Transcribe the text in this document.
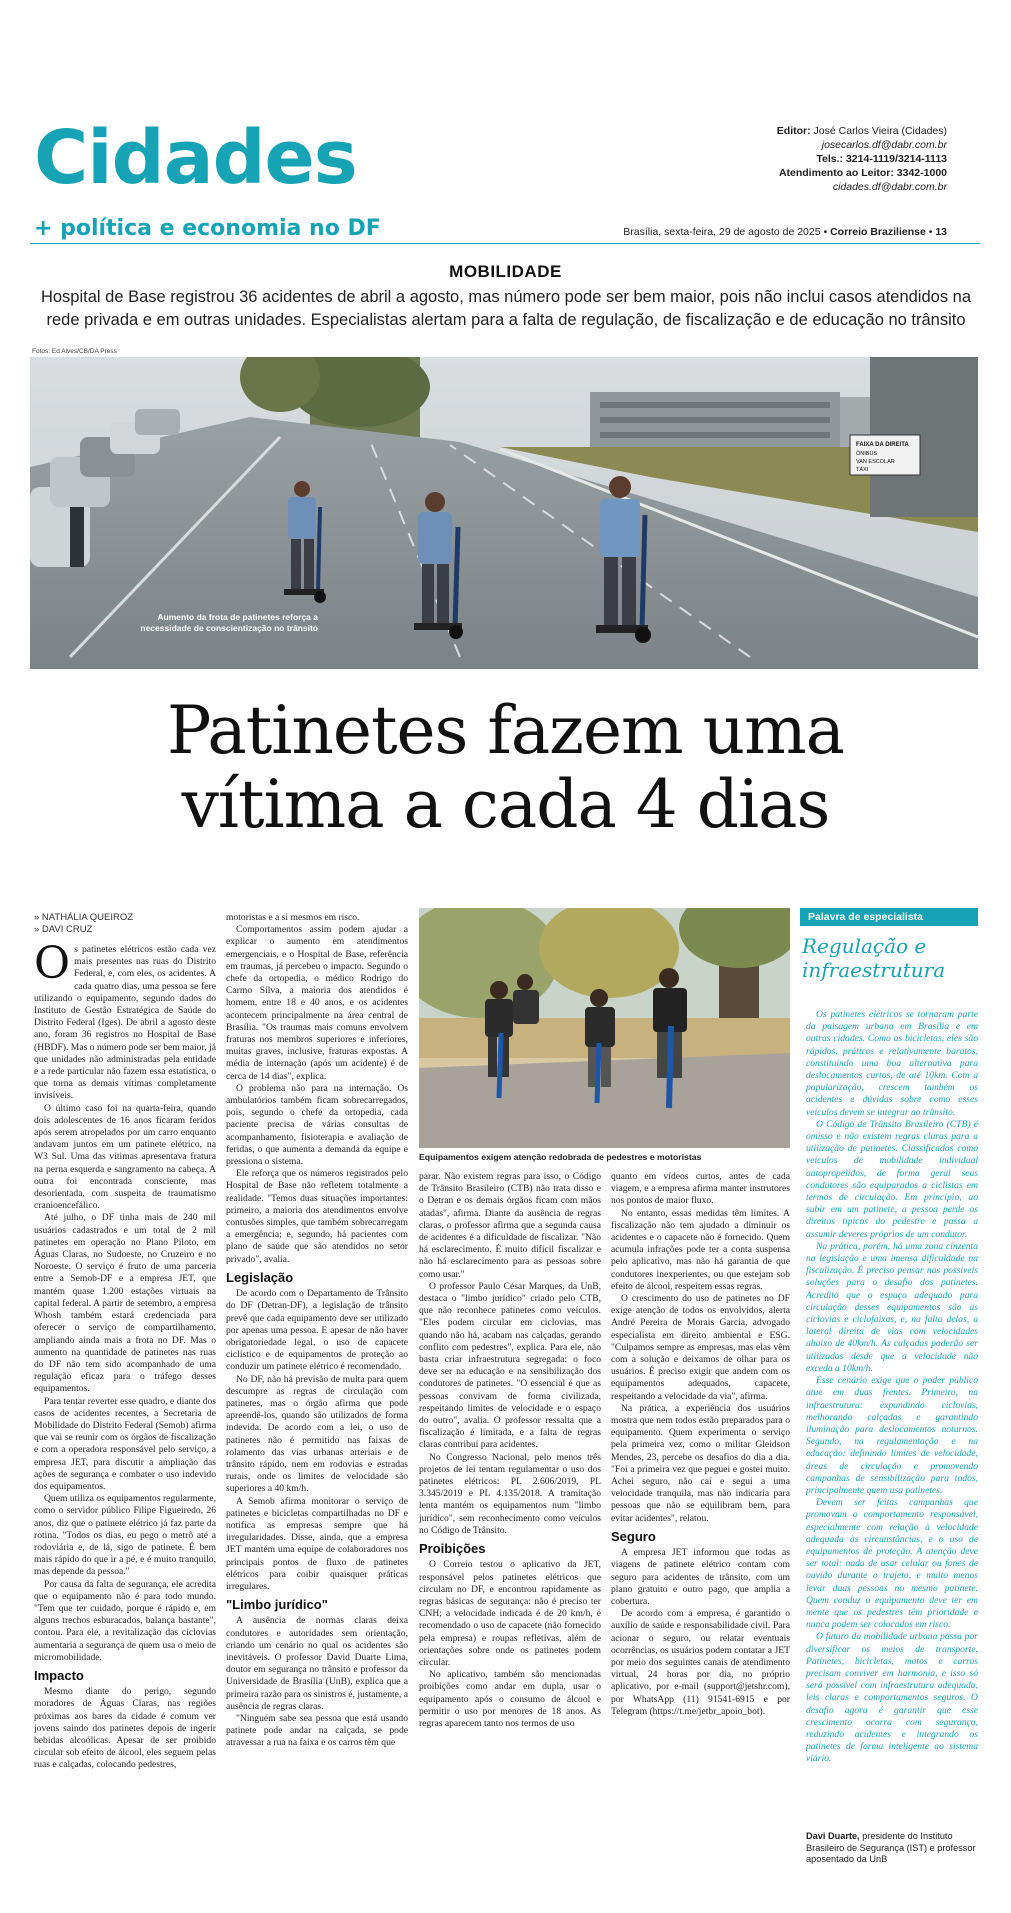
Cidades
+ política e economia no DF
Editor: José Carlos Vieira (Cidades)
josecarlos.df@dabr.com.br
Tels.: 3214-1119/3214-1113
Atendimento ao Leitor: 3342-1000
cidades.df@dabr.com.br
Brasília, sexta-feira, 29 de agosto de 2025 • Correio Braziliense • 13
MOBILIDADE
Hospital de Base registrou 36 acidentes de abril a agosto, mas número pode ser bem maior, pois não inclui casos atendidos na rede privada e em outras unidades. Especialistas alertam para a falta de regulação, de fiscalização e de educação no trânsito
Fotos: Ed Alves/CB/DA Press
FAIXA DA DIREITA
ÔNIBUS
VAN ESCOLAR
TÁXI
Aumento da frota de patinetes reforça a necessidade de conscientização no trânsito
Patinetes fazem uma
vítima a cada 4 dias
» NATHÁLIA QUEIROZ
» DAVI CRUZ

Os patinetes elétricos estão cada vez mais presentes nas ruas do Distrito Federal, e, com eles, os acidentes. A cada quatro dias, uma pessoa se fere utilizando o equipamento, segundo dados do Instituto de Gestão Estratégica de Saúde do Distrito Federal (Iges). De abril a agosto deste ano, foram 36 registros no Hospital de Base (HBDF). Mas o número pode ser bem maior, já que unidades não administradas pela entidade e a rede particular não fazem essa estatística, o que torna as demais vítimas completamente invisíveis.

O último caso foi na quarta-feira, quando dois adolescentes de 16 anos ficaram feridos após serem atropelados por um carro enquanto andavam juntos em um patinete elétrico, na W3 Sul. Uma das vítimas apresentava fratura na perna esquerda e sangramento na cabeça. A outra foi encontrada consciente, mas desorientada, com suspeita de traumatismo cranioencefálico.

Até julho, o DF tinha mais de 240 mil usuários cadastrados e um total de 2 mil patinetes em operação no Plano Piloto, em Águas Claras, no Sudoeste, no Cruzeiro e no Noroeste. O serviço é fruto de uma parceria entre a Semob-DF e a empresa JET, que mantém quase 1.200 estações virtuais na capital federal. A partir de setembro, a empresa Whosh também estará credenciada para oferecer o serviço de compartilhamento, ampliando ainda mais a frota no DF. Mas o aumento na quantidade de patinetes nas ruas do DF não tem sido acompanhado de uma regulação eficaz para o tráfego desses equipamentos.

Para tentar reverter esse quadro, e diante dos casos de acidentes recentes, a Secretaria de Mobilidade do Distrito Federal (Semob) afirma que vai se reunir com os órgãos de fiscalização e com a operadora responsável pelo serviço, a empresa JET, para discutir a ampliação das ações de segurança e combater o uso indevido dos equipamentos.

Quem utiliza os equipamentos regularmente, como o servidor público Filipe Figueiredo, 26 anos, diz que o patinete elétrico já faz parte da rotina. "Todos os dias, eu pego o metrô até a rodoviária e, de lá, sigo de patinete. É bem mais rápido do que ir a pé, e é muito tranquilo, mas depende da pessoa."

Por causa da falta de segurança, ele acredita que o equipamento não é para todo mundo. "Tem que ter cuidado, porque é rápido e, em alguns trechos esburacados, balança bastante", contou. Para ele, a revitalização das ciclovias aumentaria a segurança de quem usa o meio de micromobilidade.

Impacto

Mesmo diante do perigo, segundo moradores de Águas Claras, nas regiões próximas aos bares da cidade é comum ver jovens saindo dos patinetes depois de ingerir bebidas alcoólicas. Apesar de ser proibido circular sob efeito de álcool, eles seguem pelas ruas e calçadas, colocando pedestres,

motoristas e a si mesmos em risco.

Comportamentos assim podem ajudar a explicar o aumento em atendimentos emergenciais, e o Hospital de Base, referência em traumas, já percebeu o impacto. Segundo o chefe da ortopedia, o médico Rodrigo do Carmo Silva, a maioria dos atendidos é homem, entre 18 e 40 anos, e os acidentes acontecem principalmente na área central de Brasília. "Os traumas mais comuns envolvem fraturas nos membros superiores e inferiores, muitas graves, inclusive, fraturas expostas. A média de internação (após um acidente) é de cerca de 14 dias", explica.

O problema não para na internação. Os ambulatórios também ficam sobrecarregados, pois, segundo o chefe da ortopedia, cada paciente precisa de várias consultas de acompanhamento, fisioterapia e avaliação de feridas, o que aumenta a demanda da equipe e pressiona o sistema.

Ele reforça que os números registrados pelo Hospital de Base não refletem totalmente a realidade. "Temos duas situações importantes: primeiro, a maioria dos atendimentos envolve contusões simples, que também sobrecarregam a emergência; e, segundo, há pacientes com plano de saúde que são atendidos no setor privado", avalia.

Legislação

De acordo com o Departamento de Trânsito do DF (Detran-DF), a legislação de trânsito prevê que cada equipamento deve ser utilizado por apenas uma pessoa. E apesar de não haver obrigatoriedade legal, o uso de capacete ciclístico e de equipamentos de proteção ao conduzir um patinete elétrico é recomendado.

No DF, não há previsão de multa para quem descumpre as regras de circulação com patinetes, mas o órgão afirma que pode apreendê-los, quando são utilizados de forma indevida. De acordo com a lei, o uso de patinetes não é permitido nas faixas de rolamento das vias urbanas arteriais e de trânsito rápido, nem em rodovias e estradas rurais, onde os limites de velocidade são superiores a 40 km/h.

A Semob afirma monitorar o serviço de patinetes e bicicletas compartilhadas no DF e notifica as empresas sempre que há irregularidades. Disse, ainda, que a empresa JET mantém uma equipe de colaboradores nos principais pontos de fluxo de patinetes elétricos para coibir quaisquer práticas irregulares.

"Limbo jurídico"

A ausência de normas claras deixa condutores e autoridades sem orientação, criando um cenário no qual os acidentes são inevitáveis. O professor David Duarte Lima, doutor em segurança no trânsito e professor da Universidade de Brasília (UnB), explica que a primeira razão para os sinistros é, justamente, a ausência de regras claras.

"Ninguém sabe sea pessoa que está usando patinete pode andar na calçada, se pode atravessar a rua na faixa e os carros têm que

Equipamentos exigem atenção redobrada de pedestres e motoristas

parar. Não existem regras para isso, o Código de Trânsito Brasileiro (CTB) não trata disso e o Detran e os demais órgãos ficam com mãos atadas", afirma. Diante da ausência de regras claras, o professor afirma que a segunda causa de acidentes é a dificuldade de fiscalizar. "Não há esclarecimento. É muito difícil fiscalizar e não há esclarecimento para as pessoas sobre como usar."

O professor Paulo César Marques, da UnB, destaca o "limbo jurídico" criado pelo CTB, que não reconhece patinetes como veículos. "Eles podem circular em ciclovias, mas quando não há, acabam nas calçadas, gerando conflito com pedestres", explica. Para ele, não basta criar infraestrutura segregada: o foco deve ser na educação e na sensibilização dos condutores de patinetes. "O essencial é que as pessoas convivam de forma civilizada, respeitando limites de velocidade e o espaço do outro", avalia. O professor ressalta que a fiscalização é limitada, e a falta de regras claras contribui para acidentes.

No Congresso Nacional, pelo menos três projetos de lei tentam regulamentar o uso dos patinetes elétricos: PL 2.606/2019, PL 3.345/2019 e PL 4.135/2018. A tramitação lenta mantém os equipamentos num "limbo jurídico", sem reconhecimento como veículos no Código de Trânsito.

Proibições

O Correio testou o aplicativo da JET, responsável pelos patinetes elétricos que circulam no DF, e encontrou rapidamente as regras básicas de segurança: não é preciso ter CNH; a velocidade indicada é de 20 km/h, é recomendado o uso de capacete (não fornecido pela empresa) e roupas refletivas, além de orientações sobre onde os patinetes podem circular.

No aplicativo, também são mencionadas proibições como andar em dupla, usar o equipamento após o consumo de álcool e permitir o uso por menores de 18 anos. As regras aparecem tanto nos termos de uso

quanto em vídeos curtos, antes de cada viagem, e a empresa afirma manter instrutores nos pontos de maior fluxo.

No entanto, essas medidas têm limites. A fiscalização não tem ajudado a diminuir os acidentes e o capacete não é fornecido. Quem acumula infrações pode ter a conta suspensa pelo aplicativo, mas não há garantia de que condutores inexperientes, ou que estejam sob efeito de álcool, respeitem essas regras.

O crescimento do uso de patinetes no DF exige atenção de todos os envolvidos, alerta André Pereira de Morais Garcia, advogado especialista em direito ambiental e ESG. "Culpamos sempre as empresas, mas elas vêm com a solução e deixamos de olhar para os usuários. É preciso exigir que andem com os equipamentos adequados, capacete, respeitando a velocidade da via", afirma.

Na prática, a experiência dos usuários mostra que nem todos estão preparados para o equipamento. Quem experimenta o serviço pela primeira vez, como o militar Gleidson Mendes, 23, percebe os desafios do dia a dia. "Foi a primeira vez que peguei e gostei muito. Achei seguro, não caí e segui a uma velocidade tranquila, mas não indicaria para pessoas que não se equilibram bem, para evitar acidentes", relatou.

Seguro

A empresa JET informou que todas as viagens de patinete elétrico contam com seguro para acidentes de trânsito, com um plano gratuito e outro pago, que amplia a cobertura.

De acordo com a empresa, é garantido o auxílio de saúde e responsabilidade civil. Para acionar o seguro, ou relatar eventuais ocorrências, os usuários podem contatar a JET por meio dos seguintes canais de atendimento virtual, 24 horas por dia, no próprio aplicativo, por e-mail (support@jetshr.com), por WhatsApp (11) 91541-6915 e por Telegram (https://t.me/jetbr_apoio_bot).

Palavra de especialista
Regulação e infraestrutura

Os patinetes elétricos se tornaram parte da paisagem urbana em Brasília e em outras cidades. Como as bicicletas, eles são rápidos, práticos e relativamente baratos, constituindo uma boa alternativa para deslocamentos curtos, de até 10km. Com a popularização, crescem também os acidentes e dúvidas sobre como esses veículos devem se integrar ao trânsito.

O Código de Trânsito Brasileiro (CTB) é omisso e não existem regras claras para a utilização de patinetes. Classificados como veículos de mobilidade individual autopropelidos, de forma geral seus condutores são equiparados a ciclistas em termos de circulação. Em princípio, ao subir em um patinete, a pessoa perde os direitos típicos do pedestre e passa a assumir deveres próprios de um condutor.

Na prática, porém, há uma zona cinzenta na legislação e uma imensa dificuldade na fiscalização. É preciso pensar nas possíveis soluções para o desafio dos patinetes. Acredito que o espaço adequado para circulação desses equipamentos são as ciclovias e ciclofaixas, e, na falta delas, a lateral direita de vias com velocidades abaixo de 40km/h. As calçadas poderão ser utilizadas desde que a velocidade não exceda a 10km/h.

Esse cenário exige que o poder público atue em duas frentes. Primeiro, na infraestrutura: expandindo ciclovias, melhorando calçadas e garantindo iluminação para deslocamentos noturnos. Segundo, na regulamentação e na educação: definindo limites de velocidade, áreas de circulação e promovendo campanhas de sensibilização para todos, principalmente quem usa patinetes.

Devem ser feitas campanhas que promovam o comportamento responsável, especialmente com relação à velocidade adequada às circunstâncias, e o uso de equipamentos de proteção. A atenção deve ser total: nada de usar celular ou fones de ouvido durante o trajeto, e muito menos levar duas pessoas no mesmo patinete. Quem conduz o equipamento deve ter em mente que os pedestres têm prioridade e nunca podem ser colocados em risco.

O futuro da mobilidade urbana passa por diversificar os meios de transporte. Patinetes, bicicletas, motos e carros precisam conviver em harmonia, e isso só será possível com infraestrutura adequada, leis claras e comportamentos seguros. O desafio agora é garantir que esse crescimento ocorra com segurança, reduzindo acidentes e integrando os patinetes de forma inteligente ao sistema viário.

Davi Duarte, presidente do Instituto Brasileiro de Segurança (IST) e professor aposentado da UnB
